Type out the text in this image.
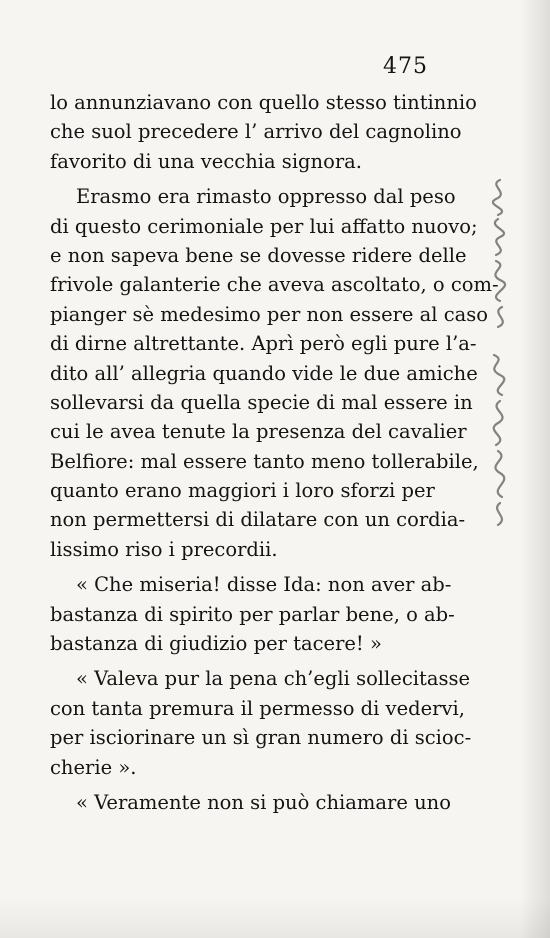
475
lo annunziavano con quello stesso tintinnio
che suol precedere l’ arrivo del cagnolino
favorito di una vecchia signora.
Erasmo era rimasto oppresso dal peso
di questo cerimoniale per lui affatto nuovo;
e non sapeva bene se dovesse ridere delle
frivole galanterie che aveva ascoltato, o com-
pianger sè medesimo per non essere al caso
di dirne altrettante. Aprì però egli pure l’a-
dito all’ allegria quando vide le due amiche
sollevarsi da quella specie di mal essere in
cui le avea tenute la presenza del cavalier
Belfiore: mal essere tanto meno tollerabile,
quanto erano maggiori i loro sforzi per
non permettersi di dilatare con un cordia-
lissimo riso i precordii.
« Che miseria! disse Ida: non aver ab-
bastanza di spirito per parlar bene, o ab-
bastanza di giudizio per tacere! »
« Valeva pur la pena ch’egli sollecitasse
con tanta premura il permesso di vedervi,
per isciorinare un sì gran numero di scioc-
cherie ».
« Veramente non si può chiamare uno
